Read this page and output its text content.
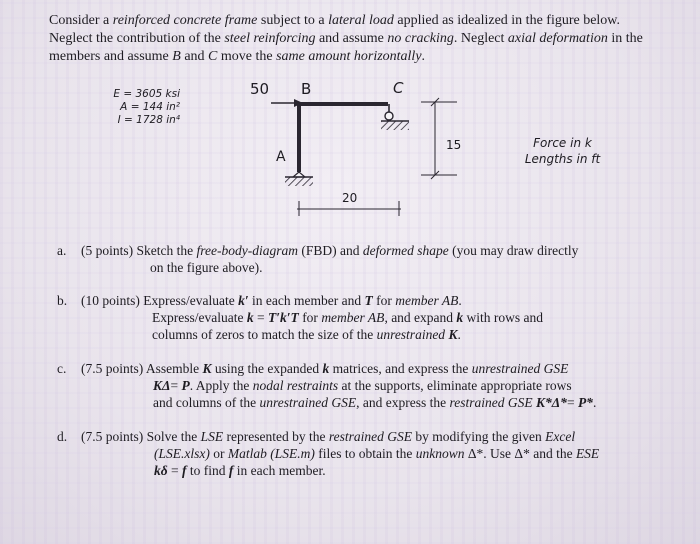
Consider a reinforced concrete frame subject to a lateral load applied as idealized in the figure below. Neglect the contribution of the steel reinforcing and assume no cracking. Neglect axial deformation in the members and assume B and C move the same amount horizontally.
E = 3605 ksi
A = 144 in²
I = 1728 in⁴
50 B	C
A
15
20
Force in k
Lengths in ft
a. (5 points) Sketch the free-body-diagram (FBD) and deformed shape (you may draw directly
on the figure above).
b. (10 points) Express/evaluate k′ in each member and T for member AB.
Express/evaluate k = T′k′T for member AB, and expand k with rows and
columns of zeros to match the size of the unrestrained K.
c. (7.5 points) Assemble K using the expanded k matrices, and express the unrestrained GSE
KΔ= P. Apply the nodal restraints at the supports, eliminate appropriate rows
and columns of the unrestrained GSE, and express the restrained GSE K*Δ*= P*.
d. (7.5 points) Solve the LSE represented by the restrained GSE by modifying the given Excel
(LSE.xlsx) or Matlab (LSE.m) files to obtain the unknown Δ*. Use Δ* and the ESE
kδ = f to find f in each member.
